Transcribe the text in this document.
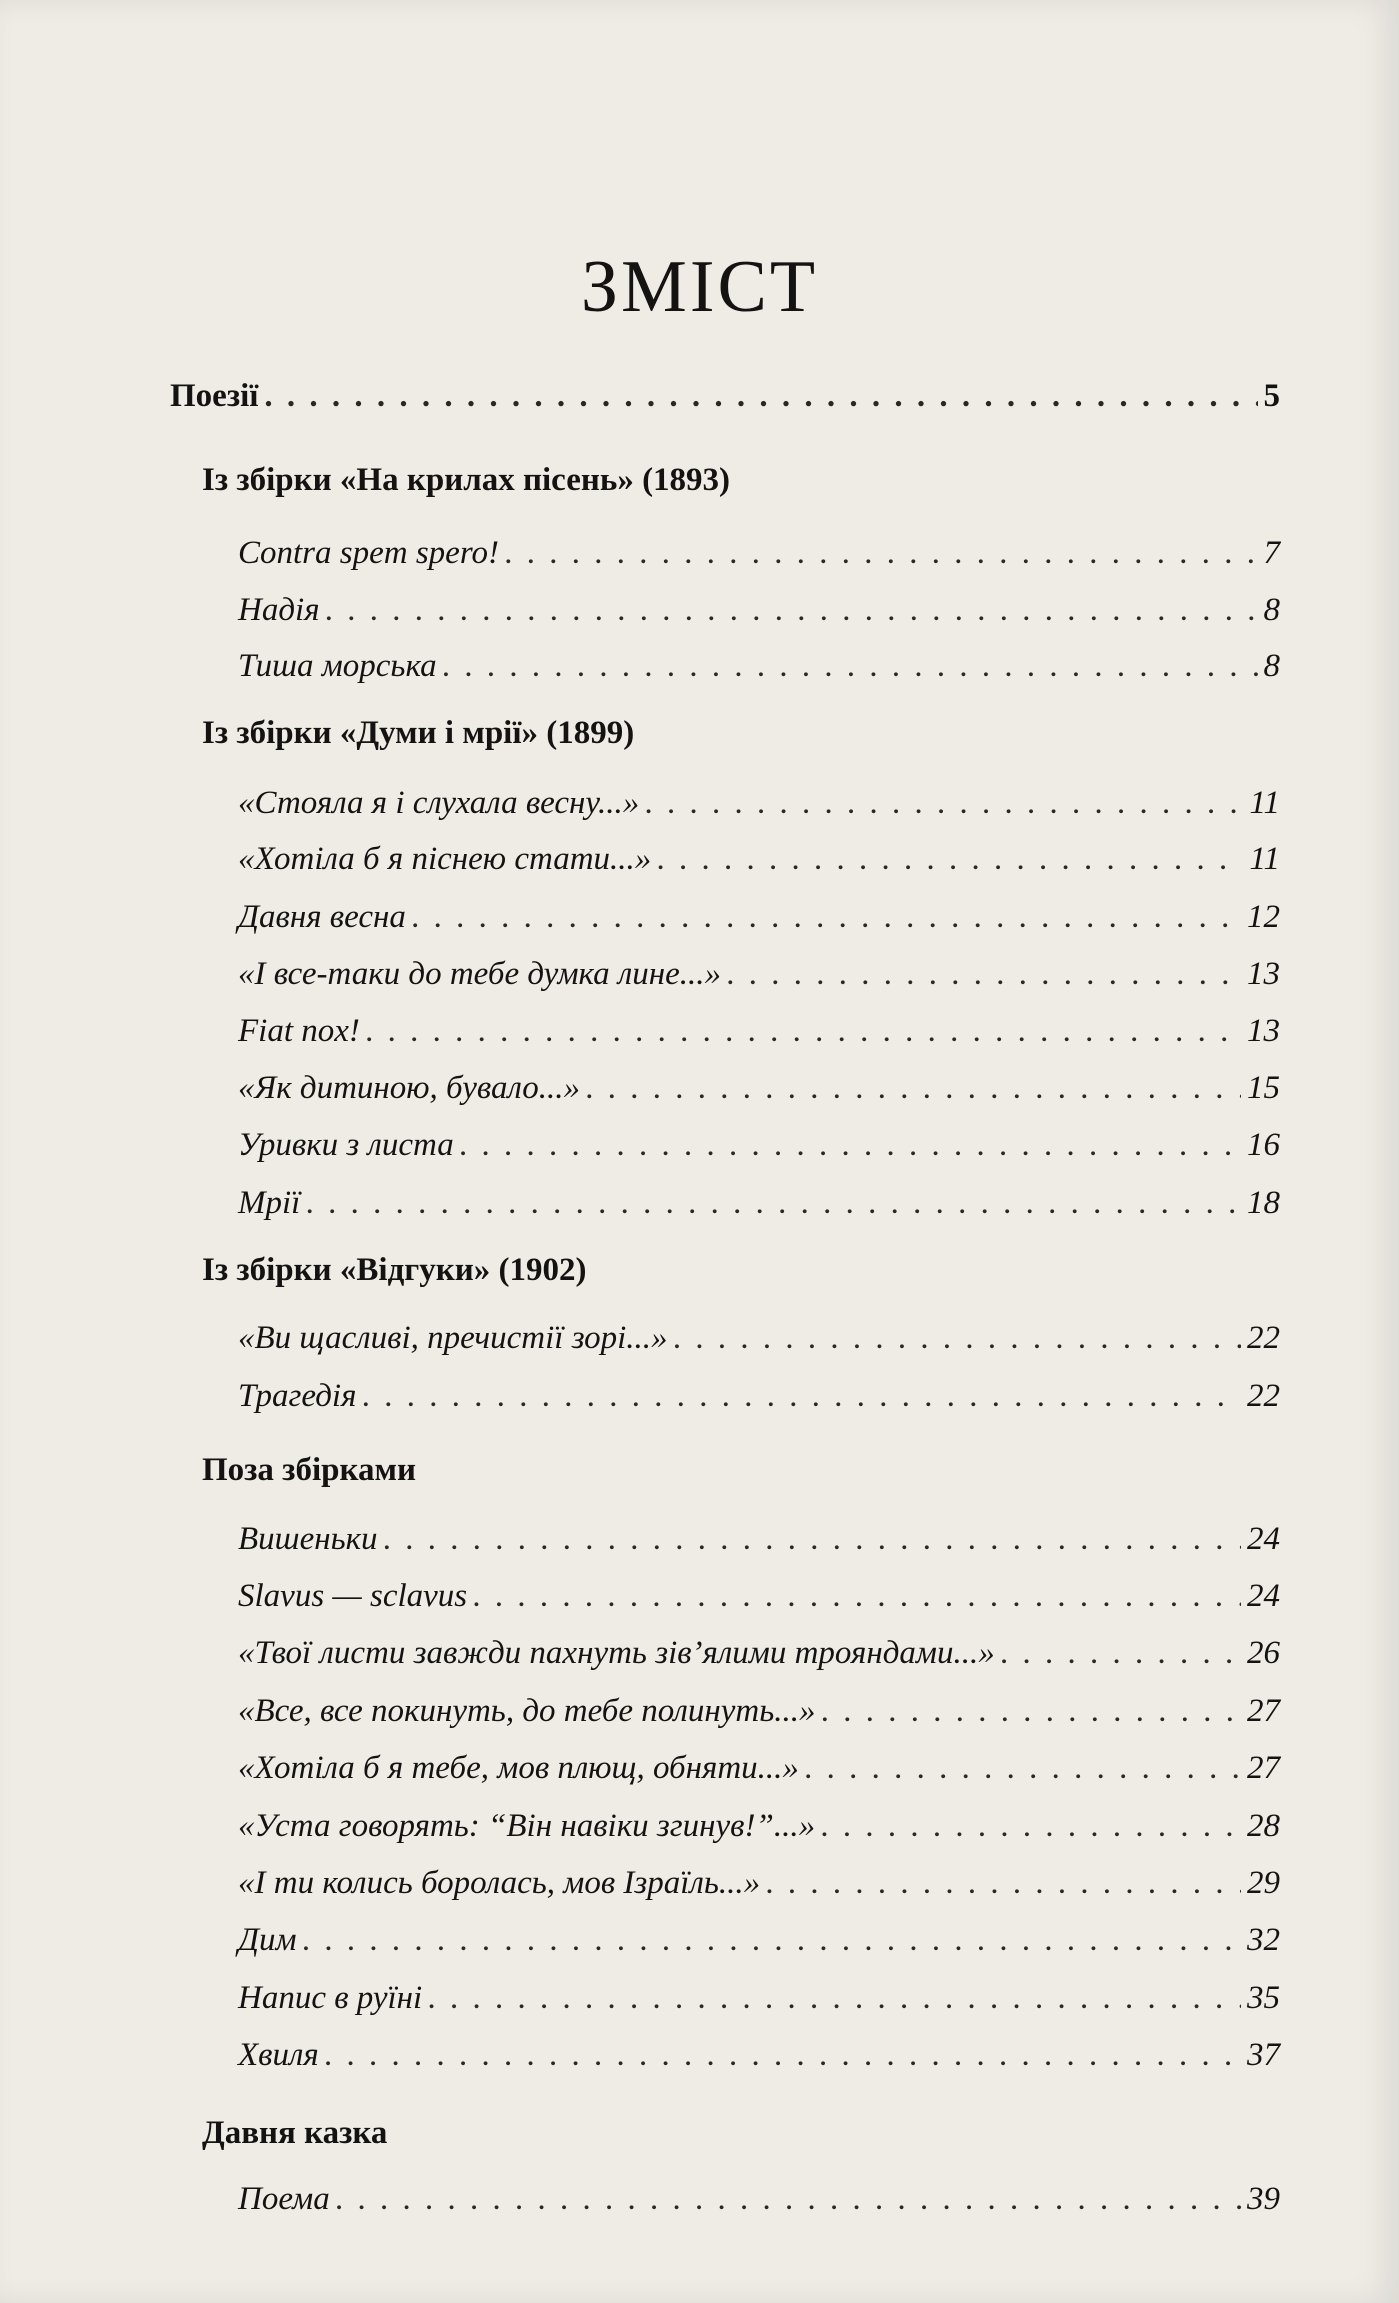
ЗМІСТ
Поезії . . .	5
Із збірки «На крилах пісень» (1893)
Contra spem spero! . . .	7
Надія . . .	8
Тиша морська . . .	8
Із збірки «Думи і мрії» (1899)
«Стояла я і слухала весну...» . . .	11
«Хотіла б я піснею стати...» . . .	11
Давня весна . . .	12
«І все-таки до тебе думка лине...» . . .	13
Fiat nox! . . .	13
«Як дитиною, бувало...» . . .	15
Уривки з листа . . .	16
Мрії . . .	18
Із збірки «Відгуки» (1902)
«Ви щасливі, пречистії зорі...» . . .	22
Трагедія . . .	22
Поза збірками
Вишеньки . . .	24
Slavus — sclavus . . .	24
«Твої листи завжди пахнуть зів’ялими трояндами...» . . .	26
«Все, все покинуть, до тебе полинуть...» . . .	27
«Хотіла б я тебе, мов плющ, обняти...» . . .	27
«Уста говорять: “Він навіки згинув!”...» . . .	28
«І ти колись боролась, мов Ізраїль...» . . .	29
Дим . . .	32
Напис в руїні . . .	35
Хвиля . . .	37
Давня казка
Поема . . .	39
